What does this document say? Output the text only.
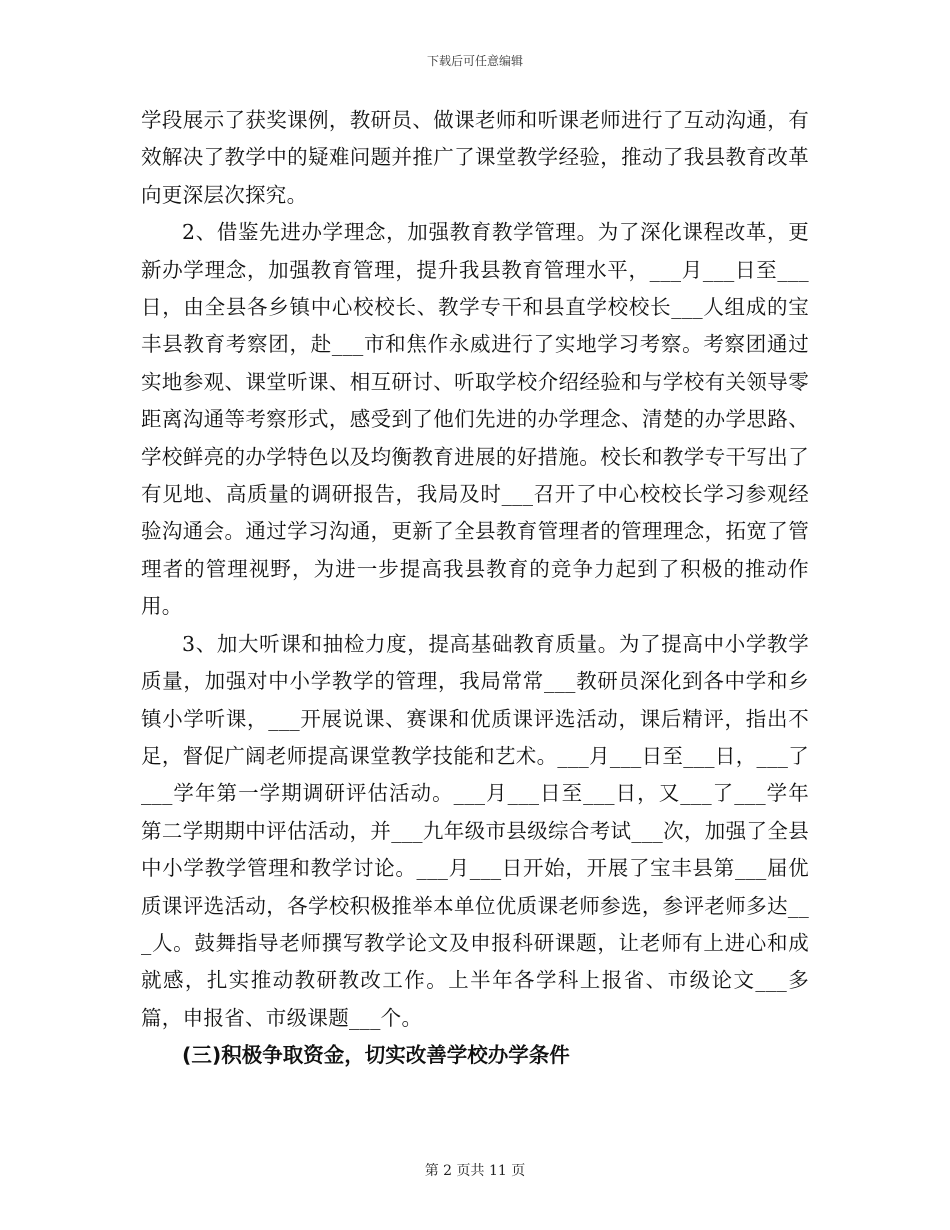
下载后可任意编辑

学段展示了获奖课例，教研员、做课老师和听课老师进行了互动沟通，有效解决了教学中的疑难问题并推广了课堂教学经验，推动了我县教育改革向更深层次探究。

2、借鉴先进办学理念，加强教育教学管理。为了深化课程改革，更新办学理念，加强教育管理，提升我县教育管理水平，___月___日至___日，由全县各乡镇中心校校长、教学专干和县直学校校长___人组成的宝丰县教育考察团，赴___市和焦作永威进行了实地学习考察。考察团通过实地参观、课堂听课、相互研讨、听取学校介绍经验和与学校有关领导零距离沟通等考察形式，感受到了他们先进的办学理念、清楚的办学思路、学校鲜亮的办学特色以及均衡教育进展的好措施。校长和教学专干写出了有见地、高质量的调研报告，我局及时___召开了中心校校长学习参观经验沟通会。通过学习沟通，更新了全县教育管理者的管理理念，拓宽了管理者的管理视野，为进一步提高我县教育的竞争力起到了积极的推动作用。

3、加大听课和抽检力度，提高基础教育质量。为了提高中小学教学质量，加强对中小学教学的管理，我局常常___教研员深化到各中学和乡镇小学听课，___开展说课、赛课和优质课评选活动，课后精评，指出不足，督促广阔老师提高课堂教学技能和艺术。___月___日至___日，___了___学年第一学期调研评估活动。___月___日至___日，又___了___学年第二学期期中评估活动，并___九年级市县级综合考试___次，加强了全县中小学教学管理和教学讨论。___月___日开始，开展了宝丰县第___届优质课评选活动，各学校积极推举本单位优质课老师参选，参评老师多达___人。鼓舞指导老师撰写教学论文及申报科研课题，让老师有上进心和成就感，扎实推动教研教改工作。上半年各学科上报省、市级论文___多篇，申报省、市级课题___个。

(三)积极争取资金，切实改善学校办学条件

第 2 页共 11 页
